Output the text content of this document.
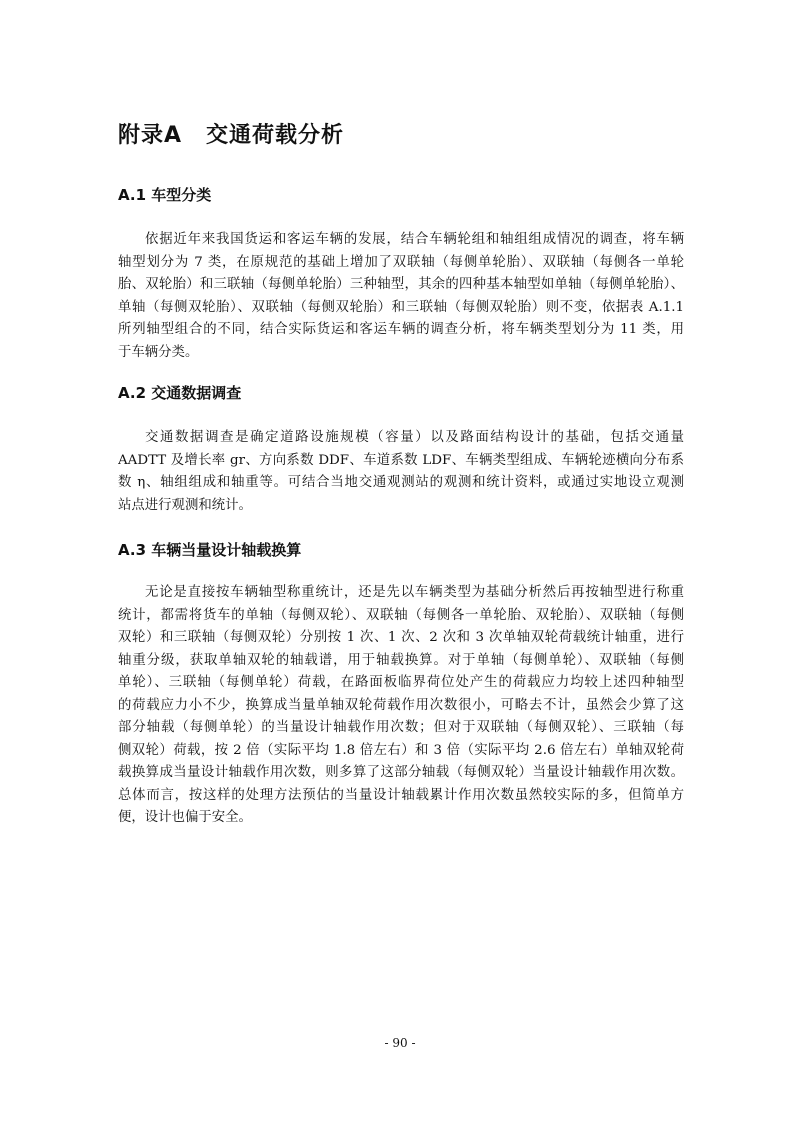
附录A 交通荷载分析
A.1 车型分类
依据近年来我国货运和客运车辆的发展，结合车辆轮组和轴组组成情况的调查，将车辆
轴型划分为 7 类，在原规范的基础上增加了双联轴（每侧单轮胎）、双联轴（每侧各一单轮
胎、双轮胎）和三联轴（每侧单轮胎）三种轴型，其余的四种基本轴型如单轴（每侧单轮胎）、
单轴（每侧双轮胎）、双联轴（每侧双轮胎）和三联轴（每侧双轮胎）则不变，依据表 A.1.1
所列轴型组合的不同，结合实际货运和客运车辆的调查分析，将车辆类型划分为 11 类，用
于车辆分类。
A.2 交通数据调查
交通数据调查是确定道路设施规模（容量）以及路面结构设计的基础，包括交通量
AADTT 及增长率 gr、方向系数 DDF、车道系数 LDF、车辆类型组成、车辆轮迹横向分布系
数 η、轴组组成和轴重等。可结合当地交通观测站的观测和统计资料，或通过实地设立观测
站点进行观测和统计。
A.3 车辆当量设计轴载换算
无论是直接按车辆轴型称重统计，还是先以车辆类型为基础分析然后再按轴型进行称重
统计，都需将货车的单轴（每侧双轮）、双联轴（每侧各一单轮胎、双轮胎）、双联轴（每侧
双轮）和三联轴（每侧双轮）分别按 1 次、1 次、2 次和 3 次单轴双轮荷载统计轴重，进行
轴重分级，获取单轴双轮的轴载谱，用于轴载换算。对于单轴（每侧单轮）、双联轴（每侧
单轮）、三联轴（每侧单轮）荷载，在路面板临界荷位处产生的荷载应力均较上述四种轴型
的荷载应力小不少，换算成当量单轴双轮荷载作用次数很小，可略去不计，虽然会少算了这
部分轴载（每侧单轮）的当量设计轴载作用次数；但对于双联轴（每侧双轮）、三联轴（每
侧双轮）荷载，按 2 倍（实际平均 1.8 倍左右）和 3 倍（实际平均 2.6 倍左右）单轴双轮荷
载换算成当量设计轴载作用次数，则多算了这部分轴载（每侧双轮）当量设计轴载作用次数。
总体而言，按这样的处理方法预估的当量设计轴载累计作用次数虽然较实际的多，但简单方
便，设计也偏于安全。

- 90 -
